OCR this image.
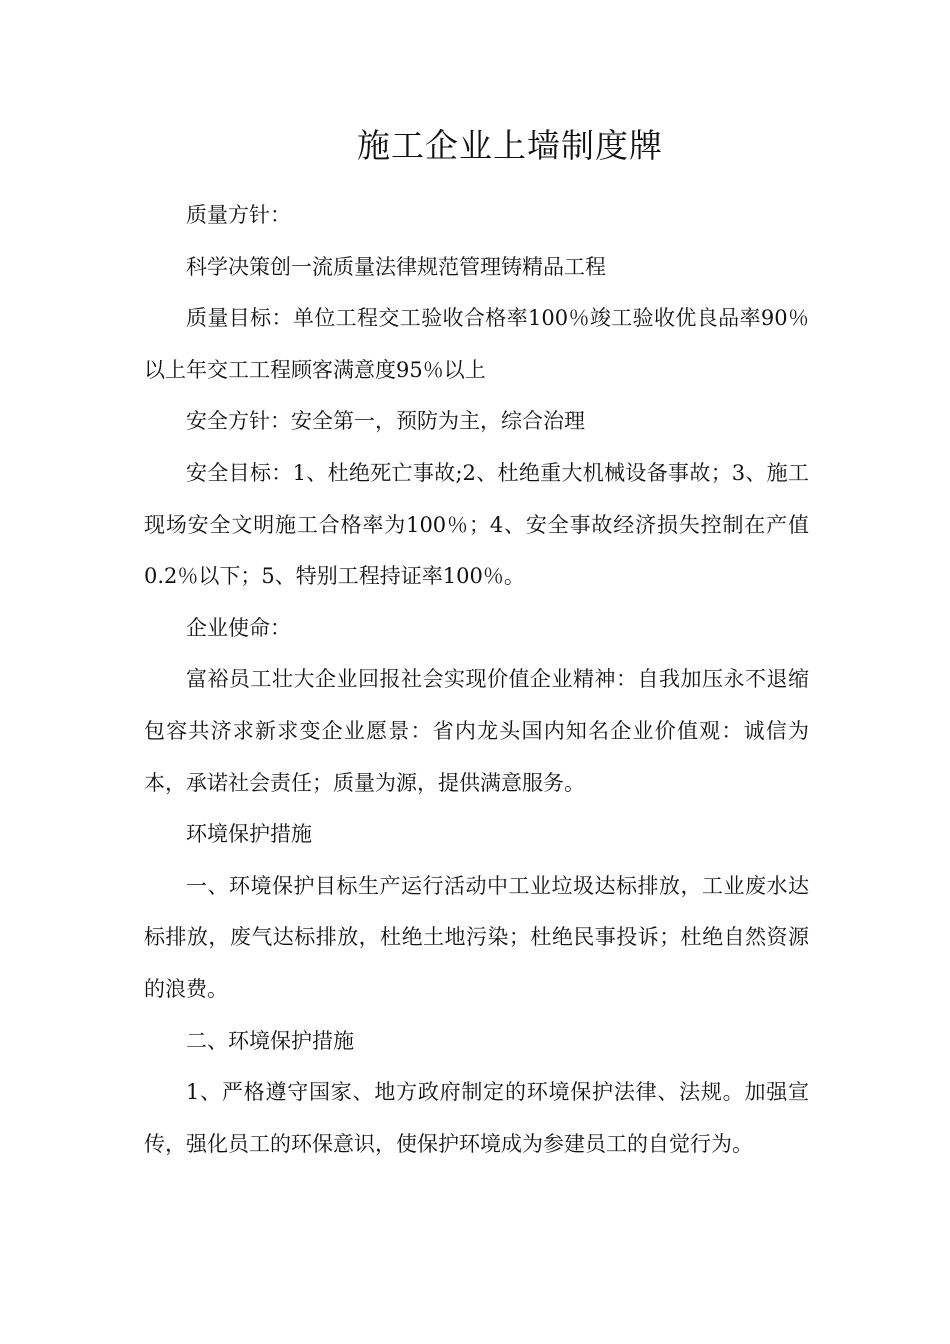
施工企业上墙制度牌

质量方针：

科学决策创一流质量法律规范管理铸精品工程

质量目标：单位工程交工验收合格率100％竣工验收优良品率90％以上年交工工程顾客满意度95％以上

安全方针：安全第一，预防为主，综合治理

安全目标：1、杜绝死亡事故;2、杜绝重大机械设备事故；3、施工现场安全文明施工合格率为100％；4、安全事故经济损失控制在产值0.2％以下；5、特别工程持证率100％。

企业使命：

富裕员工壮大企业回报社会实现价值企业精神：自我加压永不退缩包容共济求新求变企业愿景：省内龙头国内知名企业价值观：诚信为本，承诺社会责任；质量为源，提供满意服务。

环境保护措施

一、环境保护目标生产运行活动中工业垃圾达标排放，工业废水达标排放，废气达标排放，杜绝土地污染；杜绝民事投诉；杜绝自然资源的浪费。

二、环境保护措施

1、严格遵守国家、地方政府制定的环境保护法律、法规。加强宣传，强化员工的环保意识，使保护环境成为参建员工的自觉行为。
